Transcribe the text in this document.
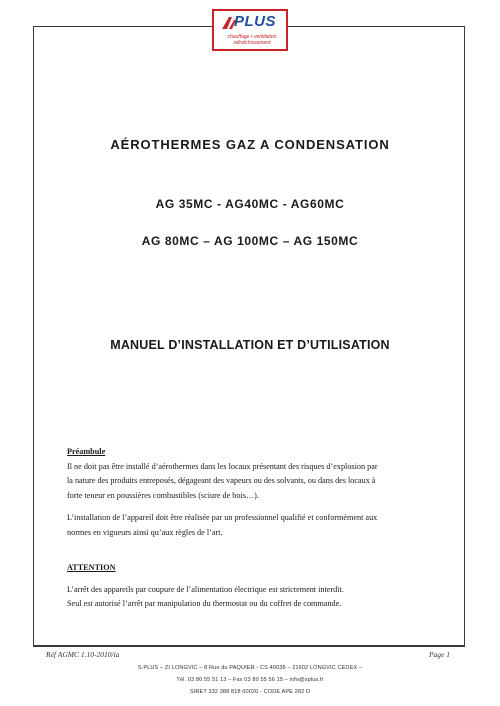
PLUS
chauffage • ventilation
rafraîchissement
AÉROTHERMES GAZ A CONDENSATION
AG 35MC - AG40MC - AG60MC
AG 80MC – AG 100MC – AG 150MC
MANUEL D’INSTALLATION ET D’UTILISATION
Préambule
Il ne doit pas être installé d’aérothermes dans les locaux présentant des risques d’explosion par
la nature des produits entreposés, dégageant des vapeurs ou des solvants, ou dans des locaux à
forte teneur en poussières combustibles (sciure de bois…).
L’installation de l’appareil doit être réalisée par un professionnel qualifié et conformément aux
normes en vigueurs ainsi qu’aux règles de l’art.
ATTENTION
L’arrêt des appareils par coupure de l’alimentation électrique est strictement interdit.
Seul est autorisé l’arrêt par manipulation du thermostat ou du coffret de commande.
Réf AGMC 1.10-2010/ia	Page 1
S.PLUS – ZI LONGVIC – 8 Rue du PAQUIER - CS 40038 – 21602 LONGVIC CEDEX –
Tél. 03 80 55 51 13 – Fax 03 80 55 56 15 – info@splus.fr
SIRET 332 388 818 00020 - CODE APE 282 D
